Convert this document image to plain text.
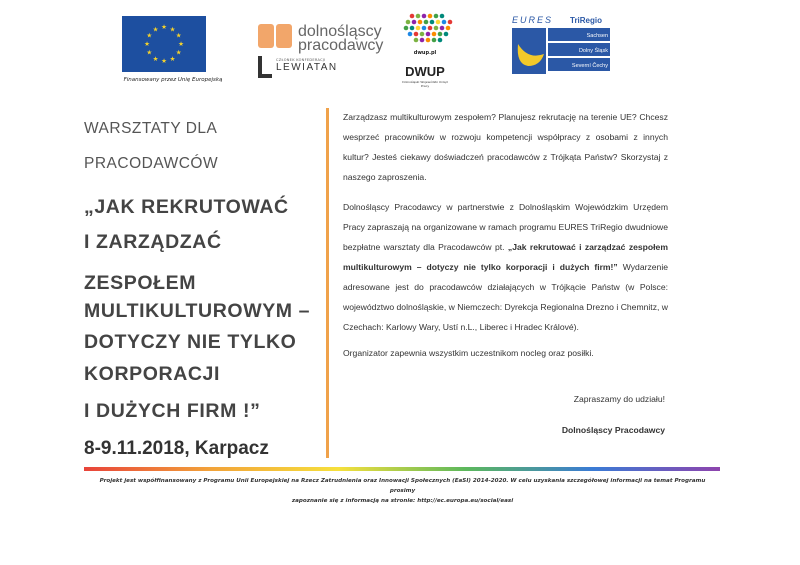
★ ★
★
★
★
★
★
★
★
★
★
★
Finansowany przez Unię Europejską
dolnośląscy
pracodawcy
CZŁONEK KONFEDERACJI
LEWIATAN
dwup.pl
DWUP
Dolnośląski Wojewódzki Urząd Pracy
EURES TriRegio
Sachsen
Dolny Śląsk
Severní Čechy
WARSZTATY DLA
PRACODAWCÓW
„JAK REKRUTOWAĆ
I ZARZĄDZAĆ
ZESPOŁEM
MULTIKULTUROWYM –
DOTYCZY NIE TYLKO
KORPORACJI
I DUŻYCH FIRM !”
8-9.11.2018, Karpacz

Zarządzasz multikulturowym zespołem? Planujesz rekrutację na terenie UE? Chcesz wesprzeć pracowników w rozwoju kompetencji współpracy z osobami z innych kultur? Jesteś ciekawy doświadczeń pracodawców z Trójkąta Państw? Skorzystaj z naszego zaproszenia.

Dolnośląscy Pracodawcy w partnerstwie z Dolnośląskim Wojewódzkim Urzędem Pracy zapraszają na organizowane w ramach programu EURES TriRegio dwudniowe bezpłatne warsztaty dla Pracodawców pt. „Jak rekrutować i zarządzać zespołem multikulturowym – dotyczy nie tylko korporacji i dużych firm!” Wydarzenie adresowane jest do pracodawców działających w Trójkącie Państw (w Polsce: województwo dolnośląskie, w Niemczech: Dyrekcja Regionalna Drezno i Chemnitz, w Czechach: Karlowy Wary, Ustí n.L., Liberec i Hradec Králové).

Organizator zapewnia wszystkim uczestnikom nocleg oraz posiłki.

Zapraszamy do udziału!
Dolnośląscy Pracodawcy
Projekt jest współfinansowany z Programu Unii Europejskiej na Rzecz Zatrudnienia oraz Innowacji Społecznych (EaSI) 2014-2020. W celu uzyskania szczegółowej informacji na temat Programu prosimy
zapoznanie się z informacją na stronie: http://ec.europa.eu/social/easi
